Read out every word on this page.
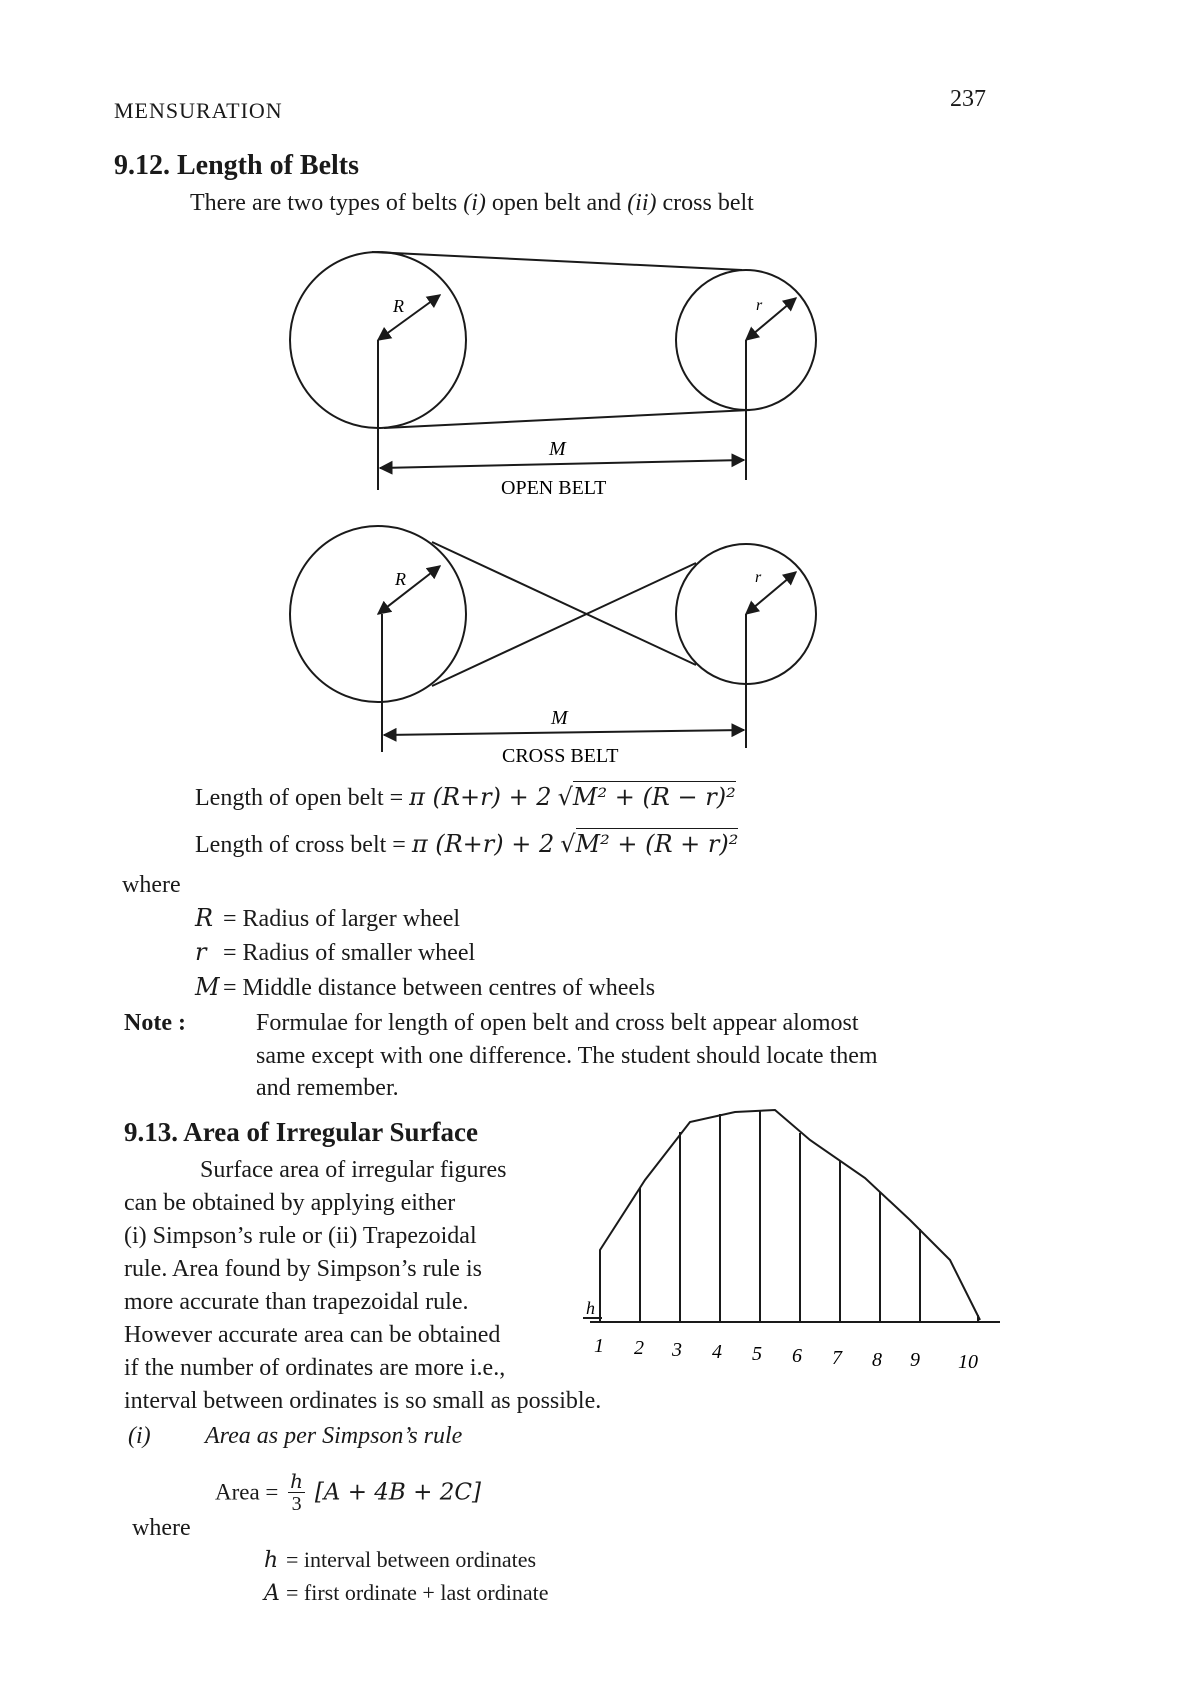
MENSURATION	237
9.12. Length of Belts
There are two types of belts (i) open belt and (ii) cross belt
R	r
M
OPEN BELT
R	r
M
CROSS BELT
Length of open belt = π (R+r) + 2 √M² + (R − r)²
Length of cross belt = π (R+r) + 2 √M² + (R + r)²
where
R = Radius of larger wheel
r = Radius of smaller wheel
M = Middle distance between centres of wheels
Note :	Formulae for length of open belt and cross belt appear alomost
same except with one difference. The student should locate them
and remember.
9.13. Area of Irregular Surface
Surface area of irregular figures
can be obtained by applying either
(i) Simpson’s rule or (ii) Trapezoidal
rule. Area found by Simpson’s rule is
more accurate than trapezoidal rule.
However accurate area can be obtained
if the number of ordinates are more i.e.,
interval between ordinates is so small as possible.
h
1 2 3 4 5 6 7 8 9 10
(i) Area as per Simpson’s rule
Area = $\frac{h}{3} [A + 4B + 2C]$
where
h = interval between ordinates
A = first ordinate + last ordinate
